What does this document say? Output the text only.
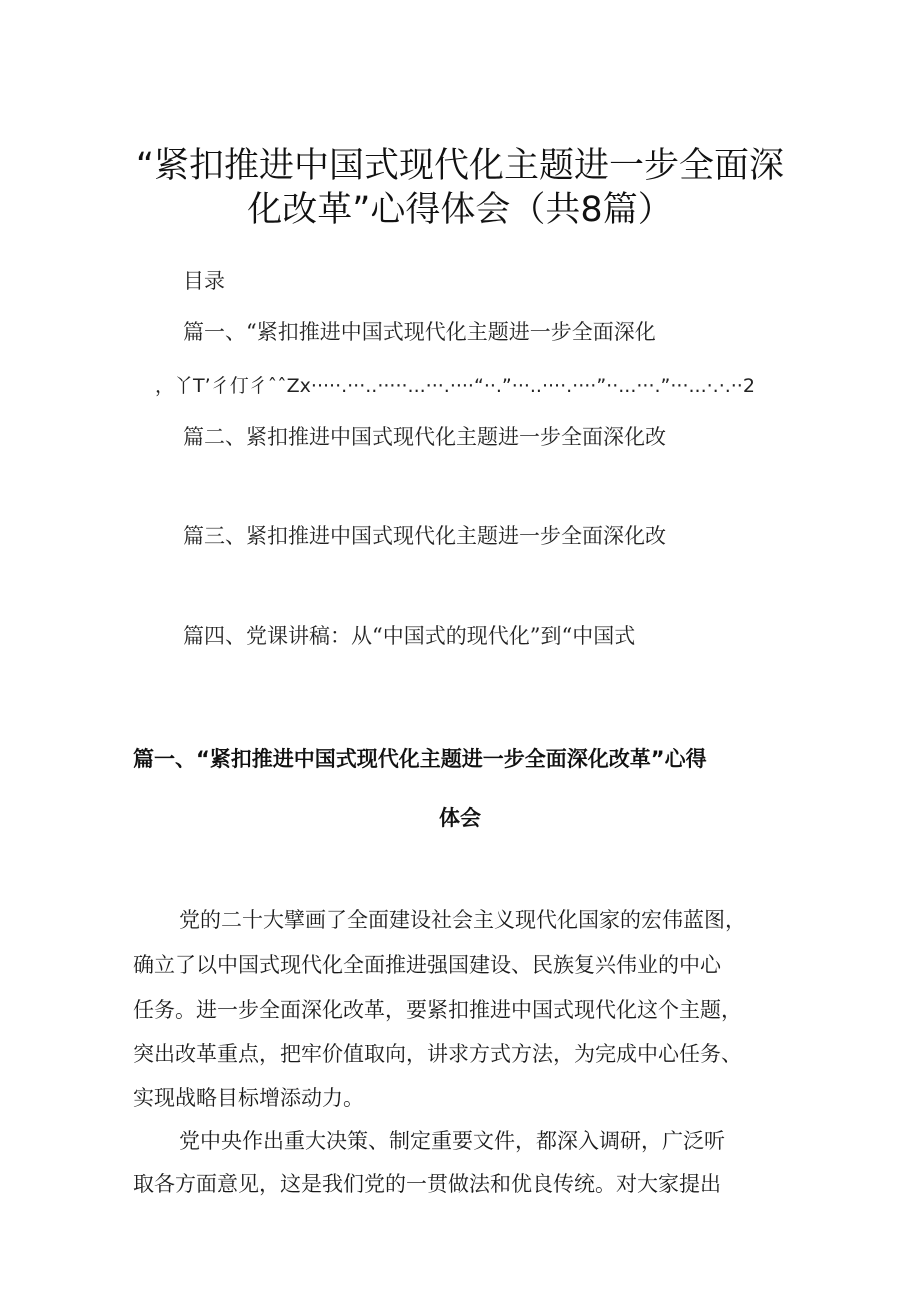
“紧扣推进中国式现代化主题进一步全面深
化改革”心得体会（共8篇）
目录
篇一、“紧扣推进中国式现代化主题进一步全面深化
，丫T’彳仃彳ˆˆZx·····.···..·····...···.····“··.”···..····.····”··...···.”···...·.·.··2
篇二、紧扣推进中国式现代化主题进一步全面深化改
篇三、紧扣推进中国式现代化主题进一步全面深化改
篇四、党课讲稿：从“中国式的现代化”到“中国式
篇一、“紧扣推进中国式现代化主题进一步全面深化改革”心得
体会
党的二十大擘画了全面建设社会主义现代化国家的宏伟蓝图，
确立了以中国式现代化全面推进强国建设、民族复兴伟业的中心
任务。进一步全面深化改革，要紧扣推进中国式现代化这个主题，
突出改革重点，把牢价值取向，讲求方式方法，为完成中心任务、
实现战略目标增添动力。
党中央作出重大决策、制定重要文件，都深入调研，广泛听
取各方面意见，这是我们党的一贯做法和优良传统。对大家提出
